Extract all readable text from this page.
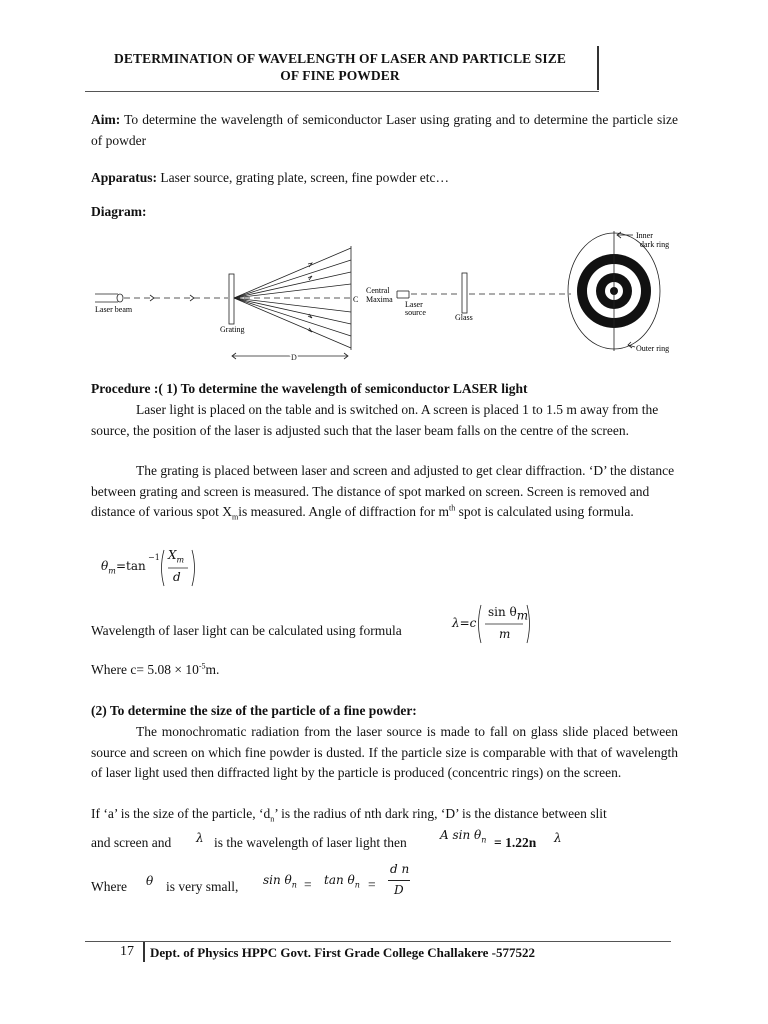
DETERMINATION OF WAVELENGTH OF LASER AND PARTICLE SIZE
OF FINE POWDER
Aim: To determine the wavelength of semiconductor Laser using grating and to determine the particle size of powder
Apparatus: Laser source, grating plate, screen, fine powder etc…
Diagram:
Laser beam
Grating
C
Central
Maxima
D
Laser
source
Glass
Inner
dark ring
Outer ring
Procedure :( 1) To determine the wavelength of semiconductor LASER light
Laser light is placed on the table and is switched on. A screen is placed 1 to 1.5 m away from the source, the position of the laser is adjusted such that the laser beam falls on the centre of the screen.
The grating is placed between laser and screen and adjusted to get clear diffraction. ‘D’ the distance between grating and screen is measured. The distance of spot marked on screen. Screen is removed and distance of various spot $X_mis$ measured. Angle of diffraction for $m^{th}$ spot is calculated using formula.
$\theta_m =\tan$
−1 $X_m$
d
Wavelength of laser light can be calculated using formula	λ=c
$\sin \theta_m$
m
Where $c= 5.08 \times 10^{-5}m$.
(2) To determine the size of the particle of a fine powder:
The monochromatic radiation from the laser source is made to fall on glass slide placed between source and screen on which fine powder is dusted. If the particle size is comparable with that of wavelength of laser light used then diffracted light by the particle is produced (concentric rings) on the screen.
If ‘a’ is the size of the particle, ‘$d_n$’ is the radius of nth dark ring, ‘D’ is the distance between slit
and screen and λ is the wavelength of laser light then	A $\sin \theta_n = 1.22n$ λ
Where θ is very small, $\sin \theta_n = \tan \theta_n$ =
d n
D
17 Dept. of Physics HPPC Govt. First Grade College Challakere -577522
